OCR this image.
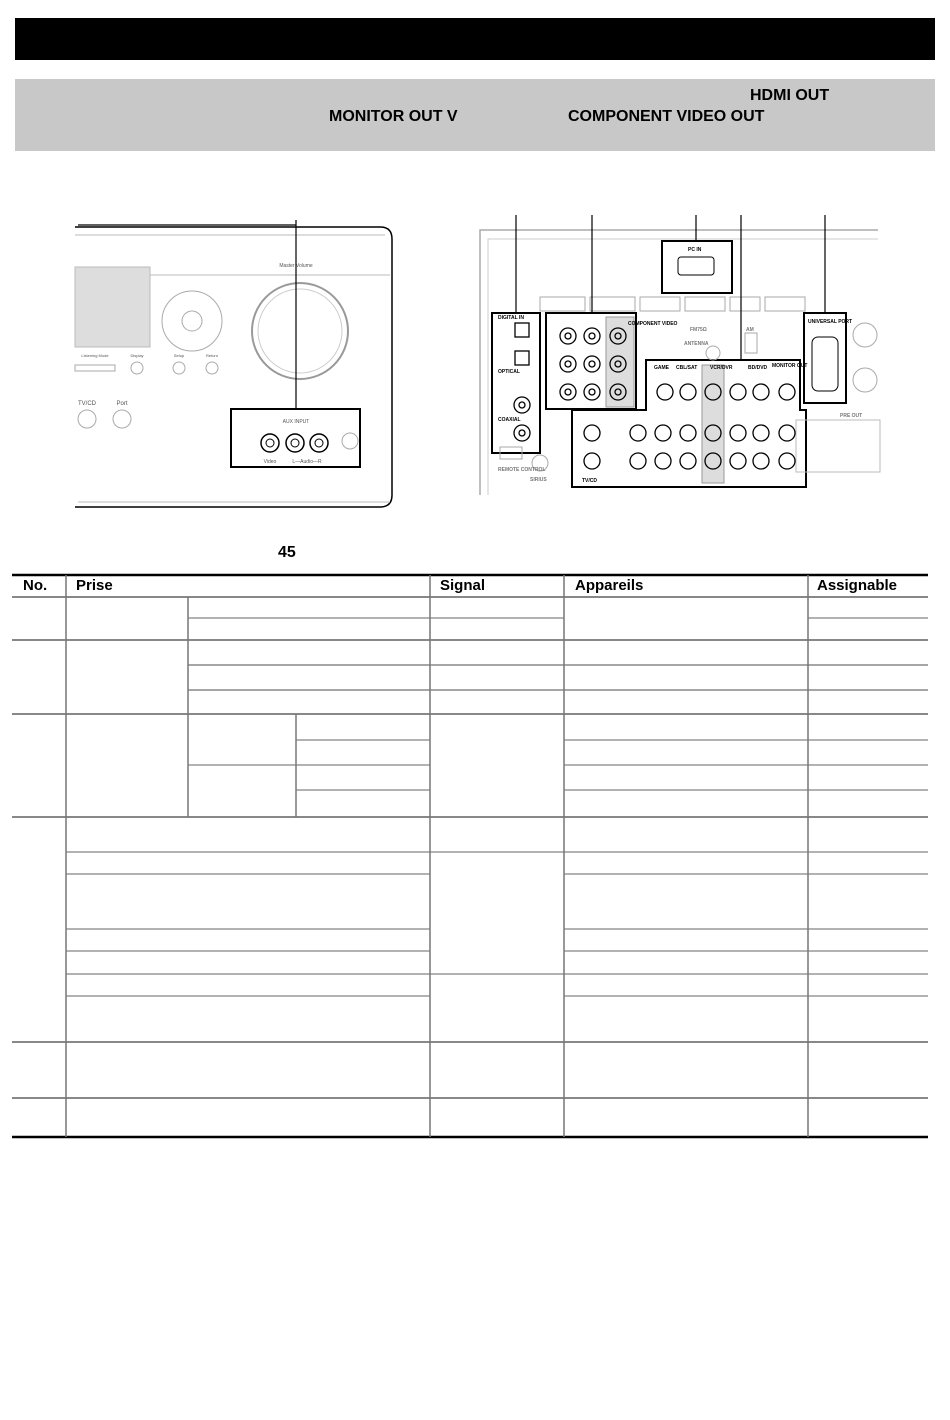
HDMI OUT
MONITOR OUT V	COMPONENT VIDEO OUT
AUX INPUT
Video	L—Audio—R
TV/CD	Port
Listening Mode	Display	Setup	Return
Master Volume
DIGITAL IN
OPTICAL
COAXIAL
COMPONENT VIDEO
PC IN
ANTENNA
FM75Ω	AM
UNIVERSAL PORT
MONITOR OUT
GAME CBL/SAT	VCR/DVR	BD/DVD
TV/CD
PRE OUT
REMOTE CONTROL
SIRIUS
45
No. Prise	Signal	Appareils	Assignable
